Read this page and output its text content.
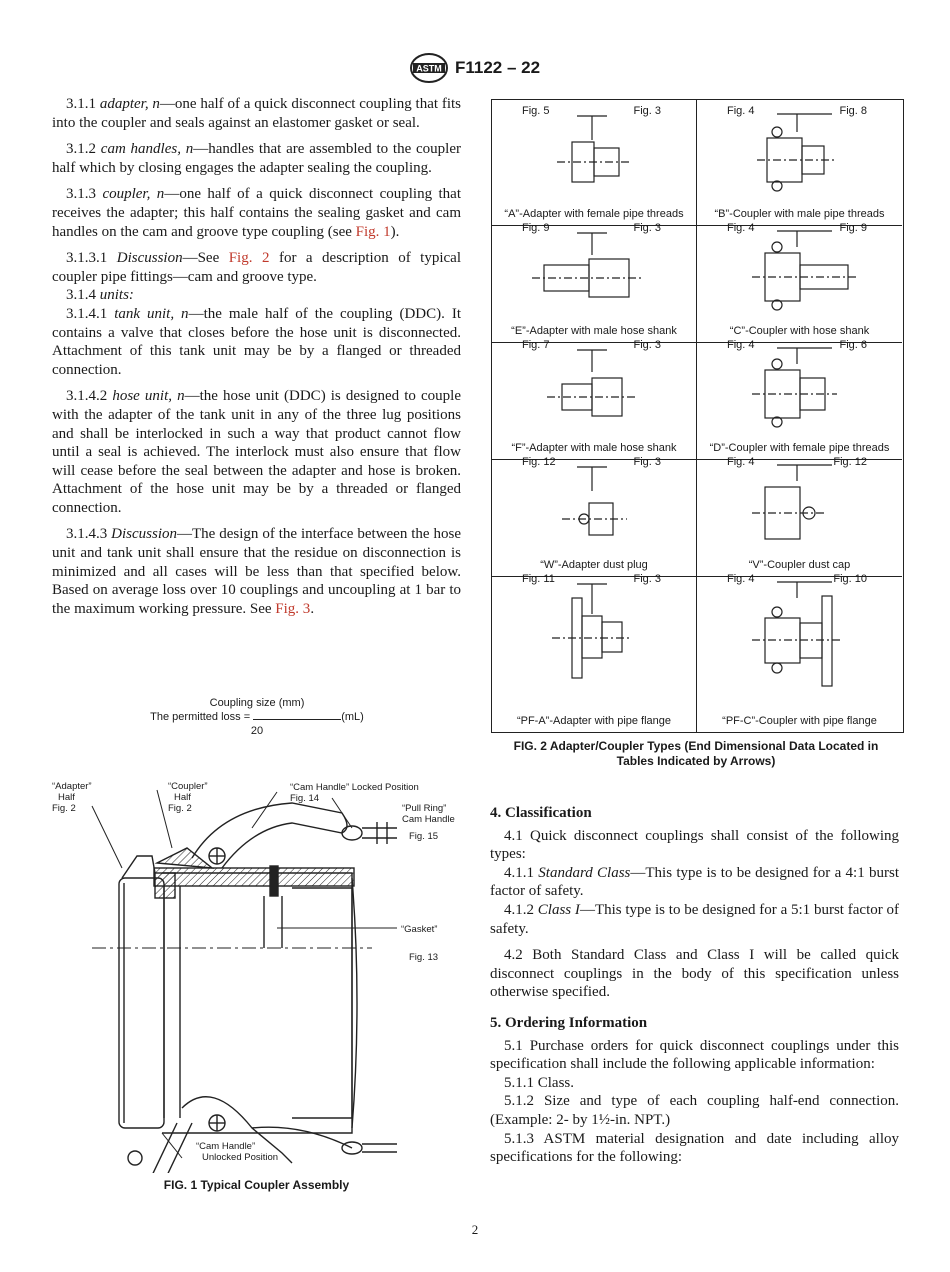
ASTM F1122 – 22

3.1.1 adapter, n—one half of a quick disconnect coupling that fits into the coupler and seals against an elastomer gasket or seal.

3.1.2 cam handles, n—handles that are assembled to the coupler half which by closing engages the adapter sealing the coupling.

3.1.3 coupler, n—one half of a quick disconnect coupling that receives the adapter; this half contains the sealing gasket and cam handles on the cam and groove type coupling (see Fig. 1).

3.1.3.1 Discussion—See Fig. 2 for a description of typical coupler pipe fittings—cam and groove type.

3.1.4 units:

3.1.4.1 tank unit, n—the male half of the coupling (DDC). It contains a valve that closes before the hose unit is disconnected. Attachment of this tank unit may be by a flanged or threaded connection.

3.1.4.2 hose unit, n—the hose unit (DDC) is designed to couple with the adapter of the tank unit in any of the three lug positions and shall be interlocked in such a way that product cannot flow until a seal is achieved. The interlock must also ensure that flow will cease before the seal between the adapter and hose is broken. Attachment of the hose unit may be by a threaded or flanged connection.

3.1.4.3 Discussion—The design of the interface between the hose unit and tank unit shall ensure that the residue on disconnection is minimized and all cases will be less than that specified below. Based on average loss over 10 couplings and uncoupling at 1 bar to the maximum working pressure. See Fig. 3.

Coupling size (mm)
The permitted loss =	(mL)
20
“Adapter”
Half
Fig. 2
“Coupler”
Half
Fig. 2
“Cam Handle” Locked Position
Fig. 14
“Pull Ring”
Cam Handle
Fig. 15
“Gasket”
Fig. 13
“Cam Handle”
Unlocked Position
FIG. 1 Typical Coupler Assembly
Fig. 5	Fig. 3
“A”-Adapter with female pipe threads
Fig. 4	Fig. 8
“B”-Coupler with male pipe threads
Fig. 9	Fig. 3
“E”-Adapter with male hose shank
Fig. 4	Fig. 9
“C”-Coupler with hose shank
Fig. 7	Fig. 3
“F”-Adapter with male hose shank
Fig. 4	Fig. 6
“D”-Coupler with female pipe threads
Fig. 12	Fig. 3
“W”-Adapter dust plug
Fig. 4	Fig. 12
“V”-Coupler dust cap
Fig. 11	Fig. 3
“PF-A”-Adapter with pipe flange
Fig. 4	Fig. 10
“PF-C”-Coupler with pipe flange
FIG. 2 Adapter/Coupler Types (End Dimensional Data Located in
Tables Indicated by Arrows)

4. Classification

4.1 Quick disconnect couplings shall consist of the following types:

4.1.1 Standard Class—This type is to be designed for a 4:1 burst factor of safety.

4.1.2 Class I—This type is to be designed for a 5:1 burst factor of safety.

4.2 Both Standard Class and Class I will be called quick disconnect couplings in the body of this specification unless otherwise specified.

5. Ordering Information

5.1 Purchase orders for quick disconnect couplings under this specification shall include the following applicable information:

5.1.1 Class.

5.1.2 Size and type of each coupling half-end connection. (Example: 2- by 1½-in. NPT.)

5.1.3 ASTM material designation and date including alloy specifications for the following:

2
